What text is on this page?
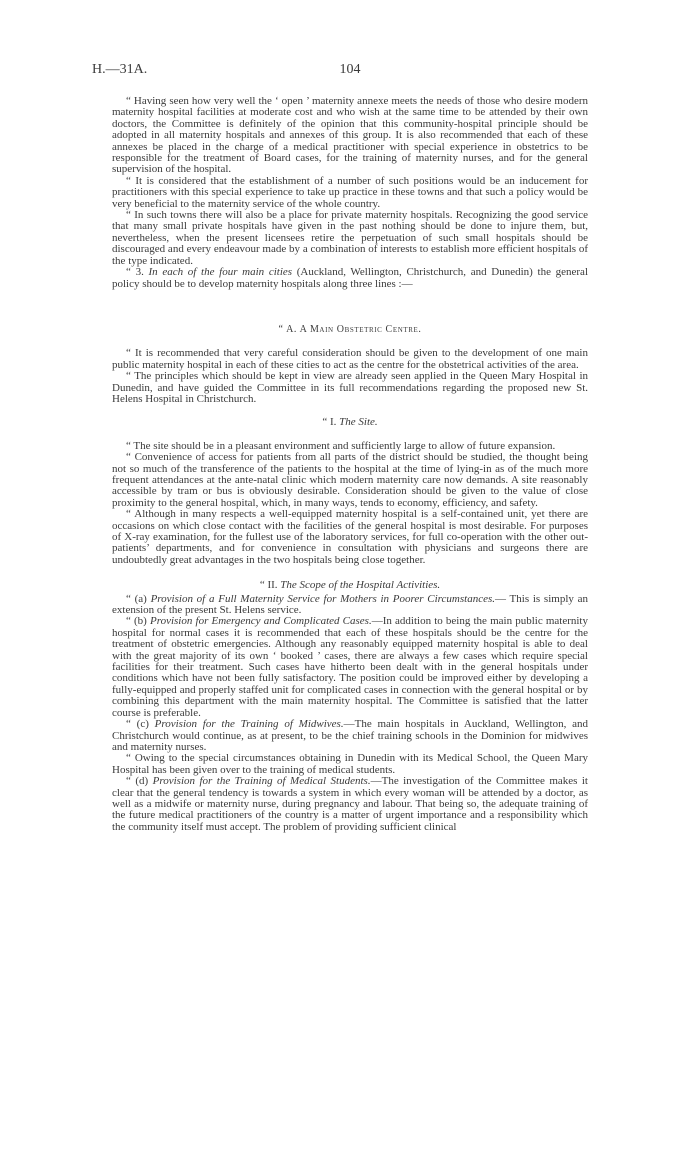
H.—31A.	104

“ Having seen how very well the ‘ open ’ maternity annexe meets the needs of those who desire modern maternity hospital facilities at moderate cost and who wish at the same time to be attended by their own doctors, the Committee is definitely of the opinion that this community-hospital principle should be adopted in all maternity hospitals and annexes of this group. It is also recommended that each of these annexes be placed in the charge of a medical practitioner with special experience in obstetrics to be responsible for the treatment of Board cases, for the training of maternity nurses, and for the general supervision of the hospital.

“ It is considered that the establishment of a number of such positions would be an inducement for practitioners with this special experience to take up practice in these towns and that such a policy would be very beneficial to the maternity service of the whole country.

“ In such towns there will also be a place for private maternity hospitals. Recognizing the good service that many small private hospitals have given in the past nothing should be done to injure them, but, nevertheless, when the present licensees retire the perpetuation of such small hospitals should be discouraged and every endeavour made by a combination of interests to establish more efficient hospitals of the type indicated.

“ 3. In each of the four main cities (Auckland, Wellington, Christchurch, and Dunedin) the general policy should be to develop maternity hospitals along three lines :—

“ A. A Main Obstetric Centre.

“ It is recommended that very careful consideration should be given to the development of one main public maternity hospital in each of these cities to act as the centre for the obstetrical activities of the area.

“ The principles which should be kept in view are already seen applied in the Queen Mary Hospital in Dunedin, and have guided the Committee in its full recommendations regarding the proposed new St. Helens Hospital in Christchurch.

“ I. The Site.

“ The site should be in a pleasant environment and sufficiently large to allow of future expansion.

“ Convenience of access for patients from all parts of the district should be studied, the thought being not so much of the transference of the patients to the hospital at the time of lying-in as of the much more frequent attendances at the ante-natal clinic which modern maternity care now demands. A site reasonably accessible by tram or bus is obviously desirable. Consideration should be given to the value of close proximity to the general hospital, which, in many ways, tends to economy, efficiency, and safety.

“ Although in many respects a well-equipped maternity hospital is a self-contained unit, yet there are occasions on which close contact with the facilities of the general hospital is most desirable. For purposes of X-ray examination, for the fullest use of the laboratory services, for full co-operation with the other out-patients’ departments, and for convenience in consultation with physicians and surgeons there are undoubtedly great advantages in the two hospitals being close together.

“ II. The Scope of the Hospital Activities.

“ (a) Provision of a Full Maternity Service for Mothers in Poorer Circumstances.— This is simply an extension of the present St. Helens service.

“ (b) Provision for Emergency and Complicated Cases.—In addition to being the main public maternity hospital for normal cases it is recommended that each of these hospitals should be the centre for the treatment of obstetric emergencies. Although any reasonably equipped maternity hospital is able to deal with the great majority of its own ‘ booked ’ cases, there are always a few cases which require special facilities for their treatment. Such cases have hitherto been dealt with in the general hospitals under conditions which have not been fully satisfactory. The position could be improved either by developing a fully-equipped and properly staffed unit for complicated cases in connection with the general hospital or by combining this department with the main maternity hospital. The Committee is satisfied that the latter course is preferable.

“ (c) Provision for the Training of Midwives.—The main hospitals in Auckland, Wellington, and Christchurch would continue, as at present, to be the chief training schools in the Dominion for midwives and maternity nurses.

“ Owing to the special circumstances obtaining in Dunedin with its Medical School, the Queen Mary Hospital has been given over to the training of medical students.

“ (d) Provision for the Training of Medical Students.—The investigation of the Committee makes it clear that the general tendency is towards a system in which every woman will be attended by a doctor, as well as a midwife or maternity nurse, during pregnancy and labour. That being so, the adequate training of the future medical practitioners of the country is a matter of urgent importance and a responsibility which the community itself must accept. The problem of providing sufficient clinical
